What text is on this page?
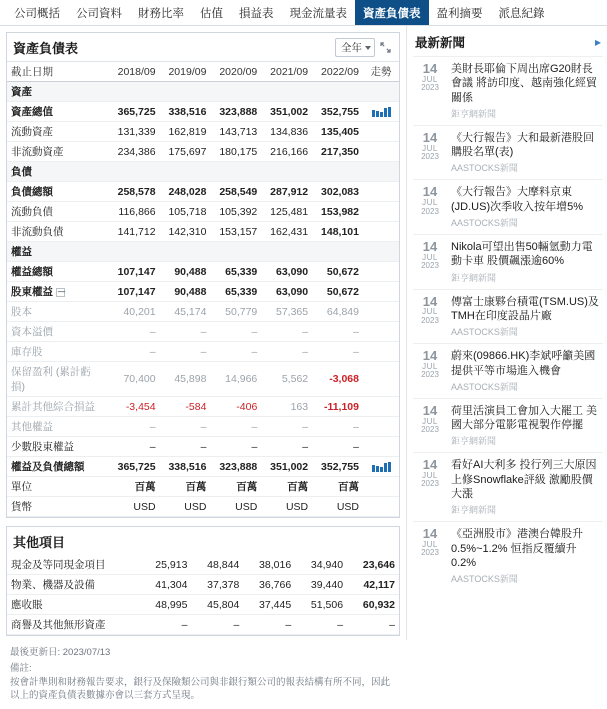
公司概括 公司資料 財務比率 估值 損益表 現金流量表 資產負債表 盈利摘要 派息紀錄
資產負債表	全年
截止日期	2018/09	2019/09	2020/09	2021/09	2022/09	走勢
資產						
資產總值	365,725	338,516	323,888	351,002	352,755	

流動資產	131,339	162,819	143,713	134,836	135,405	
非流動資產	234,386	175,697	180,175	216,166	217,350	
負債						
負債總額	258,578	248,028	258,549	287,912	302,083	
流動負債	116,866	105,718	105,392	125,481	153,982	
非流動負債	141,712	142,310	153,157	162,431	148,101	
權益						
權益總額	107,147	90,488	65,339	63,090	50,672	
股東權益 －	107,147	90,488	65,339	63,090	50,672	
股本	40,201	45,174	50,779	57,365	64,849	
資本溢價	–	–	–	–	–	
庫存股	–	–	–	–	–	
保留盈利 (累計虧損)	70,400	45,898	14,966	5,562	-3,068	
累計其他綜合損益	-3,454	-584	-406	163	-11,109	
其他權益	–	–	–	–	–	
少數股東權益	–	–	–	–	–	
權益及負債總額	365,725	338,516	323,888	351,002	352,755	

單位	百萬	百萬	百萬	百萬	百萬	
貨幣	USD	USD	USD	USD	USD	
其他項目
現金及等同現金項目	25,913	48,844	38,016	34,940	23,646
物業、機器及設備	41,304	37,378	36,766	39,440	42,117
應收賬	48,995	45,804	37,445	51,506	60,932
商譽及其他無形資產	–	–	–	–	–
最後更新日: 2023/07/13
備註:
按會計準則和財務報告要求，銀行及保險類公司與非銀行類公司的報表結構有所不同，因此以上的資產負債表數據亦會以三套方式呈現。
最新新聞	▸
14
JUL
2023
美財長耶倫下周出席G20財長會議 將訪印度、越南強化經貿關係
鉅亨網新聞
14
JUL
2023
《大行報告》大和最新港股回購股名單(表)
AASTOCKS新聞
14
JUL
2023
《大行報告》大摩料京東(JD.US)次季收入按年增5%
AASTOCKS新聞
14
JUL
2023
Nikola可望出售50輛氫動力電動卡車 股價飆漲逾60%
鉅亨網新聞
14
JUL
2023
傳富士康夥台積電(TSM.US)及TMH在印度設晶片廠
AASTOCKS新聞
14
JUL
2023
蔚來(09866.HK)李斌呼籲美國提供平等市場進入機會
AASTOCKS新聞
14
JUL
2023
荷里活演員工會加入大罷工 美國大部分電影電視製作停擺
鉅亨網新聞
14
JUL
2023
看好AI大利多 投行列三大原因上修Snowflake評級 激勵股價大漲
鉅亨網新聞
14
JUL
2023
《亞洲股市》港澳台韓股升0.5%~1.2% 恒指反覆續升0.2%
AASTOCKS新聞
